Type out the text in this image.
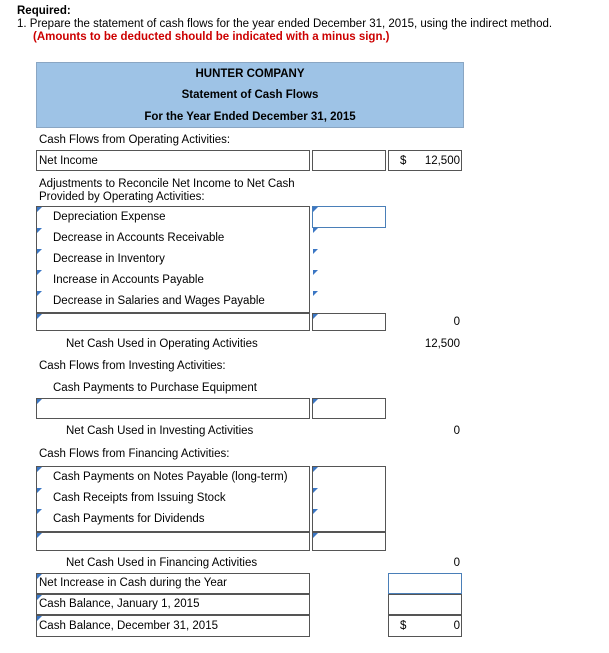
Required:
1. Prepare the statement of cash flows for the year ended December 31, 2015, using the indirect method.
(Amounts to be deducted should be indicated with a minus sign.)
HUNTER COMPANY
Statement of Cash Flows
For the Year Ended December 31, 2015
Cash Flows from Operating Activities:
Net Income	$	12,500
Adjustments to Reconcile Net Income to Net Cash Provided by Operating Activities:
Depreciation Expense
Decrease in Accounts Receivable
Decrease in Inventory
Increase in Accounts Payable
Decrease in Salaries and Wages Payable
0
Net Cash Used in Operating Activities	12,500
Cash Flows from Investing Activities:
Cash Payments to Purchase Equipment
Net Cash Used in Investing Activities	0
Cash Flows from Financing Activities:
Cash Payments on Notes Payable (long-term)
Cash Receipts from Issuing Stock
Cash Payments for Dividends
Net Cash Used in Financing Activities	0
Net Increase in Cash during the Year
Cash Balance, January 1, 2015
Cash Balance, December 31, 2015	$	0
